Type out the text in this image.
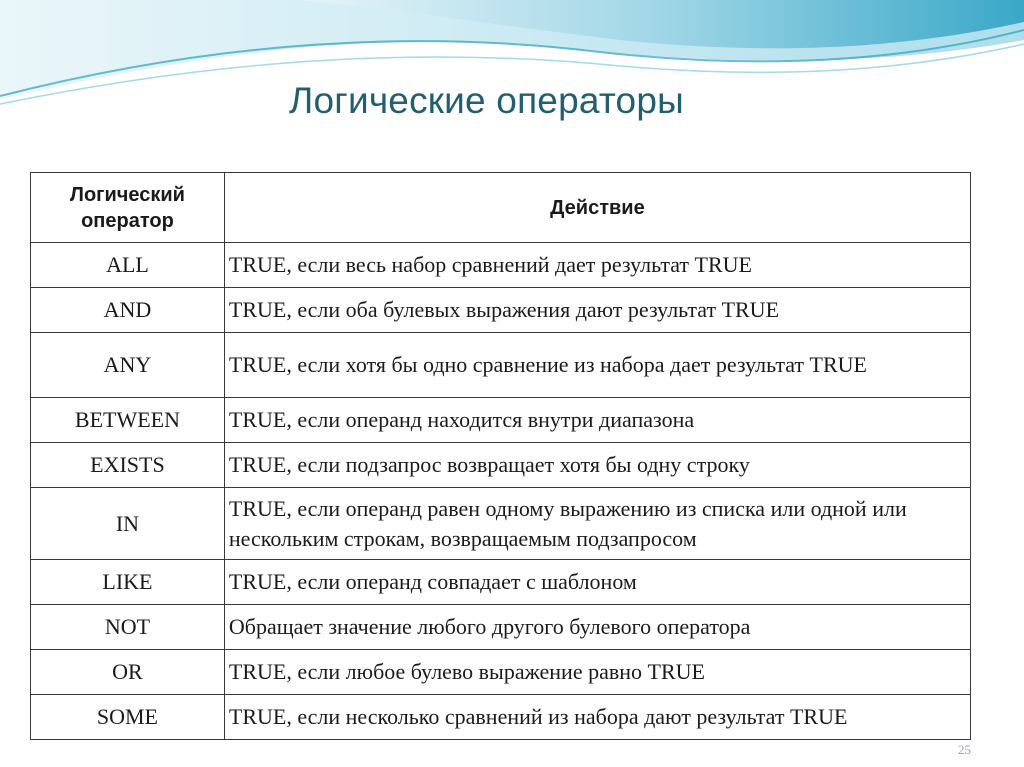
Логические операторы
Логический
оператор	Действие
ALL	TRUE, если весь набор сравнений дает результат TRUE
AND	TRUE, если оба булевых выражения дают результат TRUE
ANY	TRUE, если хотя бы одно сравнение из набора дает результат TRUE
BETWEEN	TRUE, если операнд находится внутри диапазона
EXISTS	TRUE, если подзапрос возвращает хотя бы одну строку
IN	TRUE, если операнд равен одному выражению из списка или одной или нескольким строкам, возвращаемым подзапросом
LIKE	TRUE, если операнд совпадает с шаблоном
NOT	Обращает значение любого другого булевого оператора
OR	TRUE, если любое булево выражение равно TRUE
SOME	TRUE, если несколько сравнений из набора дают результат TRUE
25
